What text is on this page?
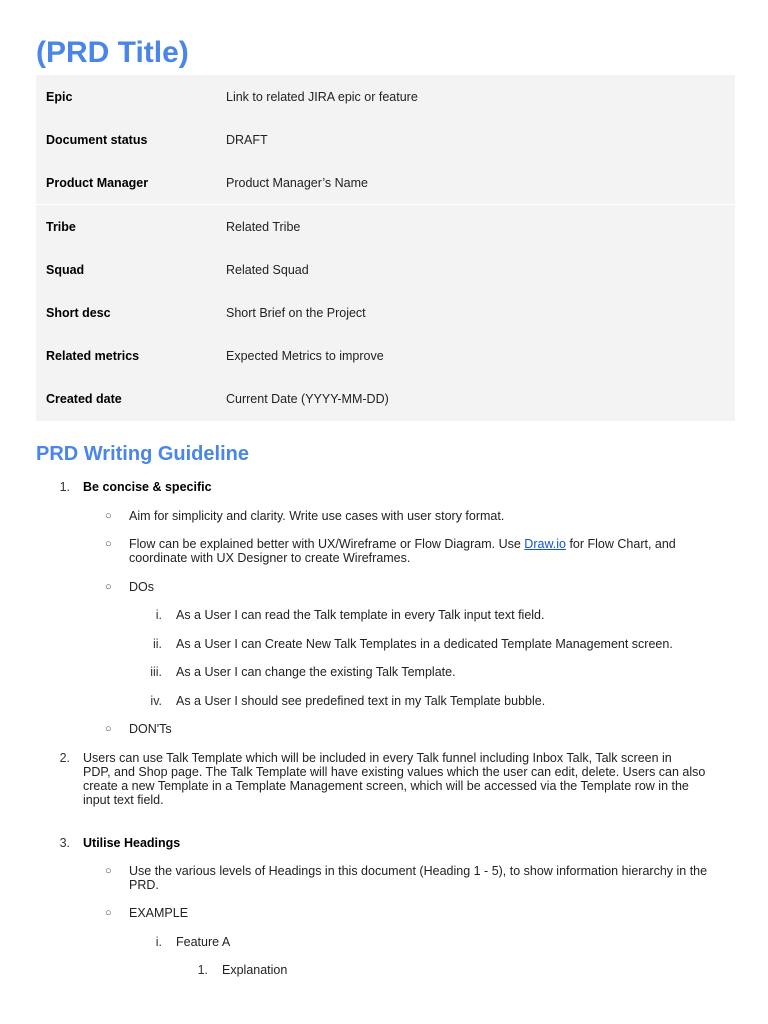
(PRD Title)
Epic	Link to related JIRA epic or feature
Document status	DRAFT
Product Manager	Product Manager’s Name
Tribe	Related Tribe
Squad	Related Squad
Short desc	Short Brief on the Project
Related metrics	Expected Metrics to improve
Created date	Current Date (YYYY-MM-DD)
PRD Writing Guideline
1. Be concise & specific
○ Aim for simplicity and clarity. Write use cases with user story format.
○ Flow can be explained better with UX/Wireframe or Flow Diagram. Use Draw.io for Flow Chart, and
coordinate with UX Designer to create Wireframes.
○ DOs
i. As a User I can read the Talk template in every Talk input text field.
ii. As a User I can Create New Talk Templates in a dedicated Template Management screen.
iii. As a User I can change the existing Talk Template.
iv. As a User I should see predefined text in my Talk Template bubble.
○ DON'Ts
2. Users can use Talk Template which will be included in every Talk funnel including Inbox Talk, Talk screen in
PDP, and Shop page. The Talk Template will have existing values which the user can edit, delete. Users can also
create a new Template in a Template Management screen, which will be accessed via the Template row in the
input text field.
3. Utilise Headings
○ Use the various levels of Headings in this document (Heading 1 - 5), to show information hierarchy in the
PRD.
○ EXAMPLE
i. Feature A
1. Explanation
